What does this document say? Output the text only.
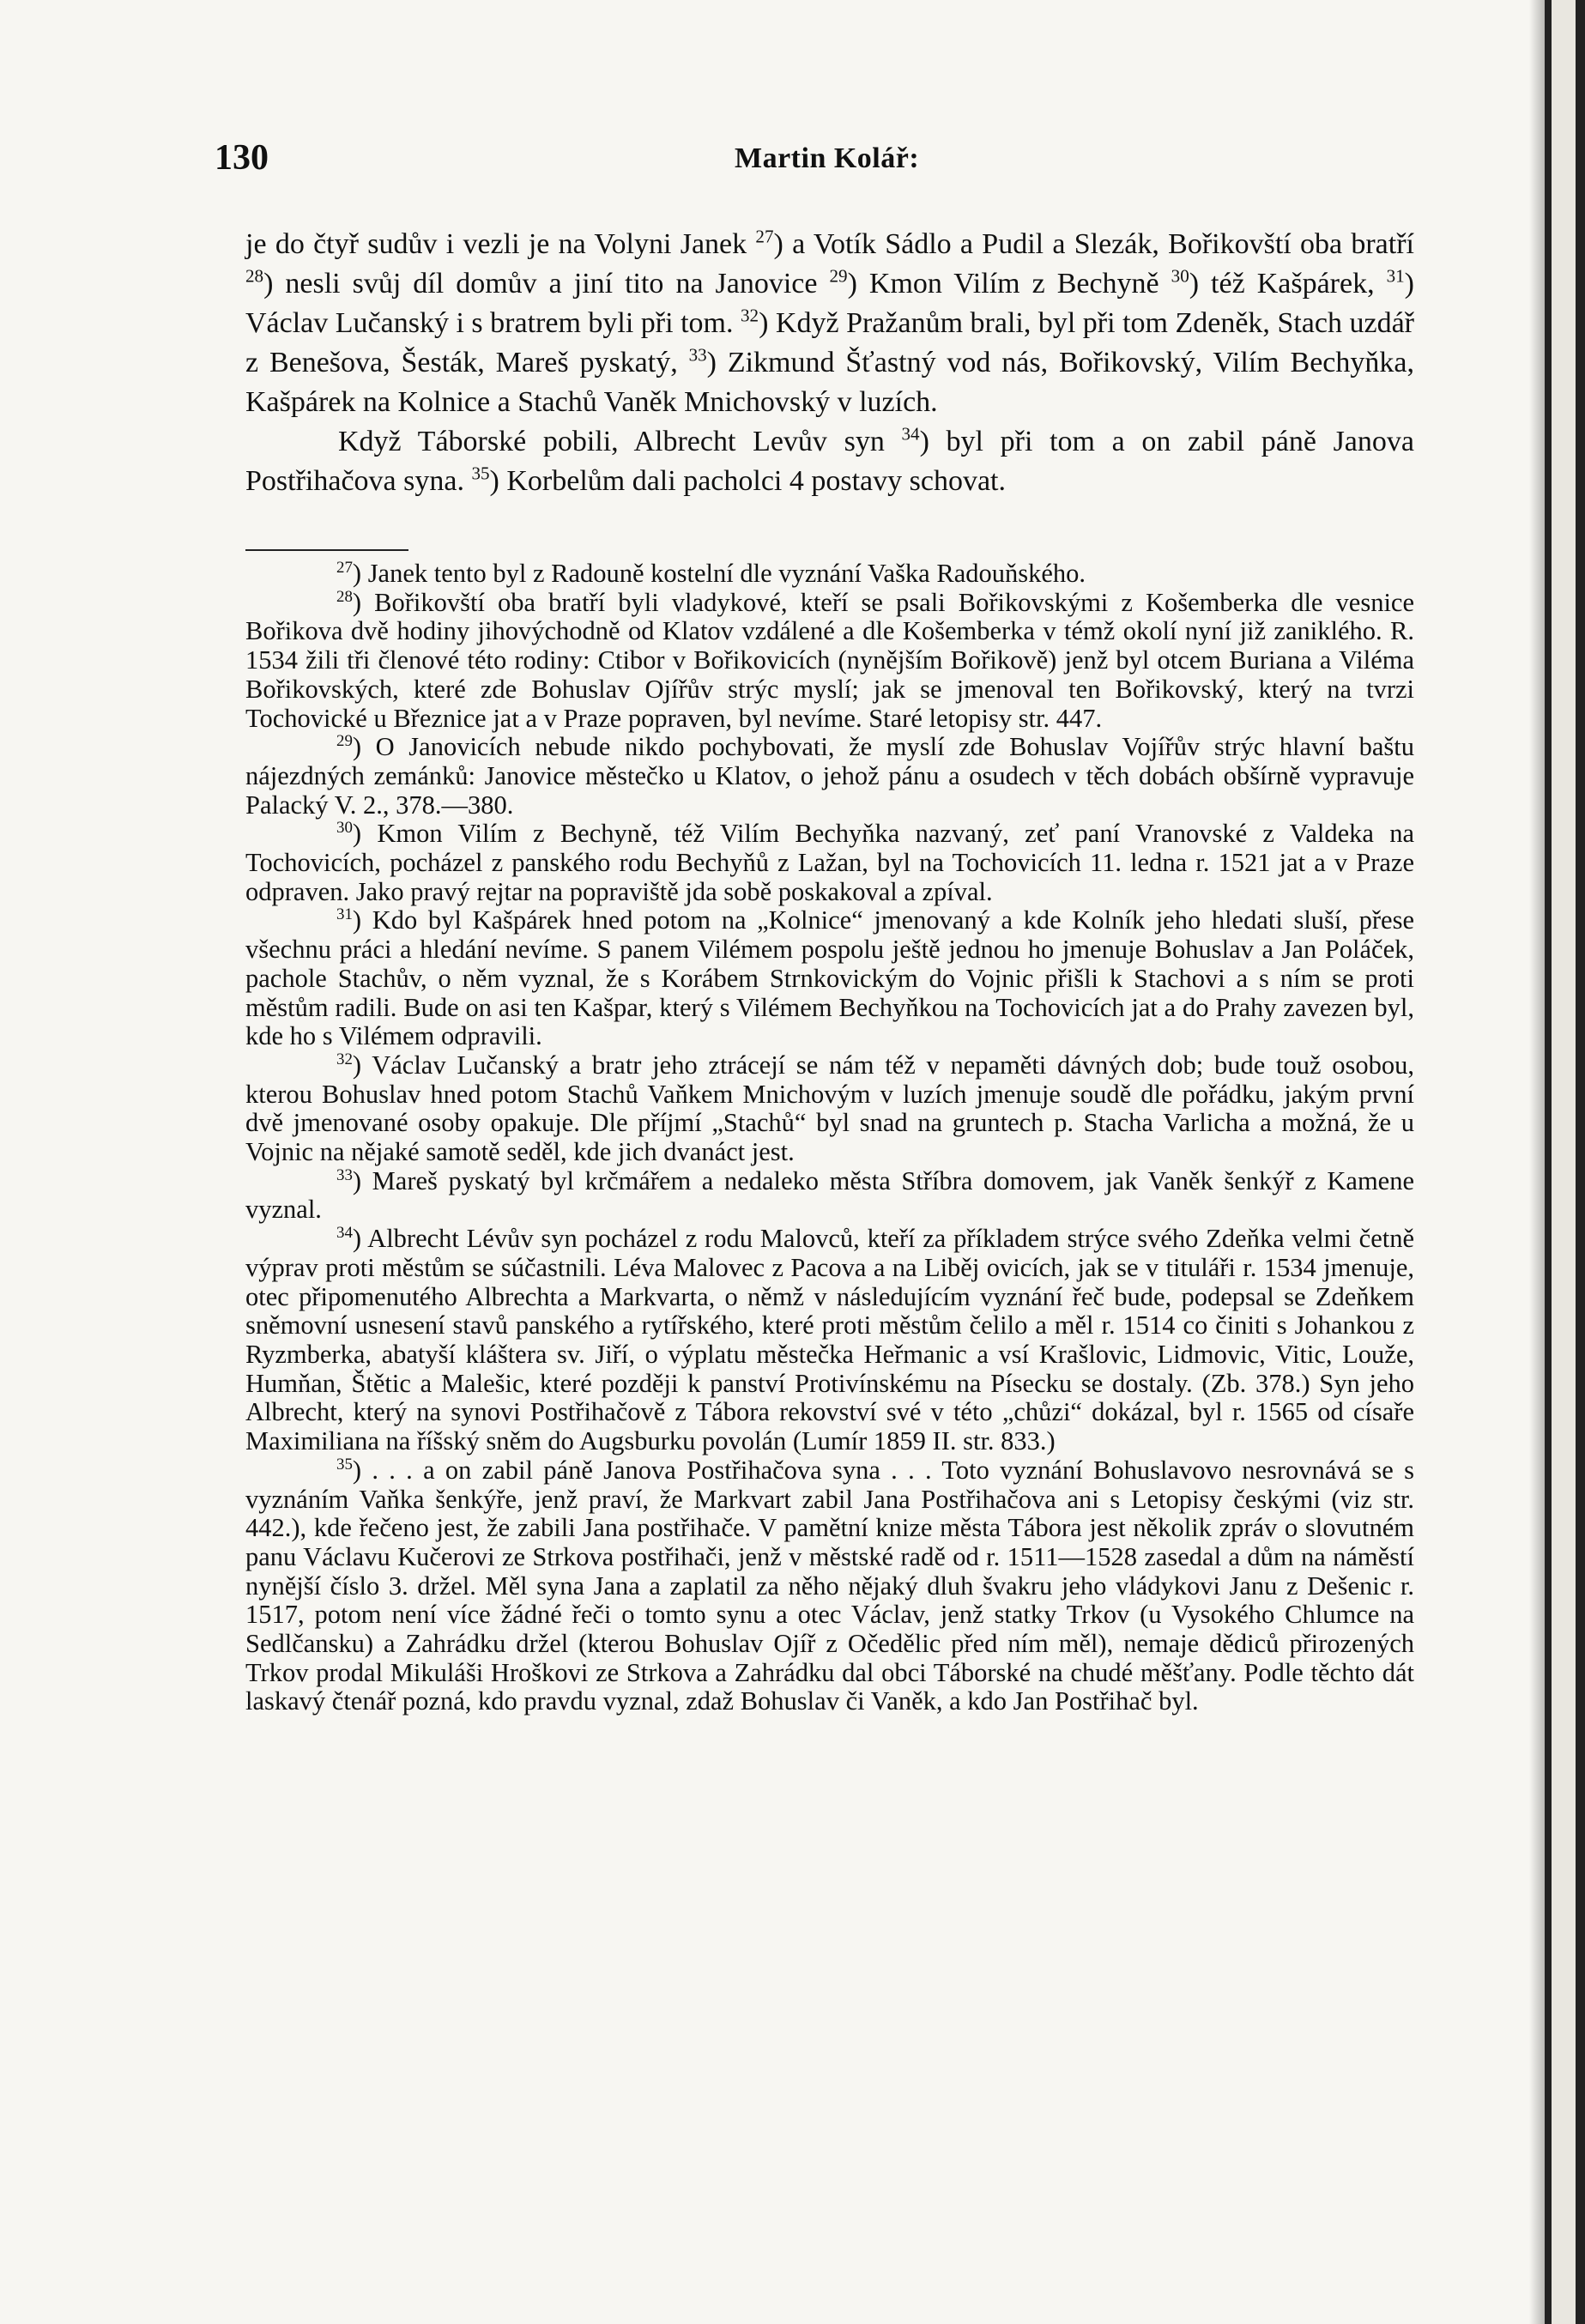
130	Martin Kolář:

je do čtyř sudův i vezli je na Volyni Janek $^{27}$) a Votík Sádlo a Pudil a Slezák, Bořikovští oba bratří $^{28}$) nesli svůj díl domův a jiní tito na Janovice $^{29}$) Kmon Vilím z Bechyně $^{30}$) též Kašpárek, $^{31}$) Václav Lučanský i s bratrem byli při tom. $^{32}$) Když Pražanům brali, byl při tom Zdeněk, Stach uzdář z Benešova, Šesták, Mareš pyskatý, $^{33}$) Zikmund Šťastný vod nás, Bořikovský, Vilím Bechyňka, Kašpárek na Kolnice a Stachů Vaněk Mnichovský v luzích.

Když Táborské pobili, Albrecht Levův syn $^{34}$) byl při tom a on zabil páně Janova Postřihačova syna. $^{35}$) Korbelům dali pacholci 4 postavy schovat.

$^{27}$) Janek tento byl z Radouně kostelní dle vyznání Vaška Radouňského.

$^{28}$) Bořikovští oba bratří byli vladykové, kteří se psali Bořikovskými z Košemberka dle vesnice Bořikova dvě hodiny jihovýchodně od Klatov vzdálené a dle Košemberka v témž okolí nyní již zaniklého. R. 1534 žili tři členové této rodiny: Ctibor v Bořikovicích (nynějším Bořikově) jenž byl otcem Buriana a Viléma Bořikovských, které zde Bohuslav Ojířův strýc myslí; jak se jmenoval ten Bořikovský, který na tvrzi Tochovické u Březnice jat a v Praze popraven, byl nevíme. Staré letopisy str. 447.

$^{29}$) O Janovicích nebude nikdo pochybovati, že myslí zde Bohuslav Vojířův strýc hlavní baštu nájezdných zemánků: Janovice městečko u Klatov, o jehož pánu a osudech v těch dobách obšírně vypravuje Palacký V. 2., 378.—380.

$^{30}$) Kmon Vilím z Bechyně, též Vilím Bechyňka nazvaný, zeť paní Vranovské z Valdeka na Tochovicích, pocházel z panského rodu Bechyňů z Lažan, byl na Tochovicích 11. ledna r. 1521 jat a v Praze odpraven. Jako pravý rejtar na popraviště jda sobě poskakoval a zpíval.

$^{31}$) Kdo byl Kašpárek hned potom na „Kolnice“ jmenovaný a kde Kolník jeho hledati sluší, přese všechnu práci a hledání nevíme. S panem Vilémem pospolu ještě jednou ho jmenuje Bohuslav a Jan Poláček, pachole Stachův, o něm vyznal, že s Korábem Strnkovickým do Vojnic přišli k Stachovi a s ním se proti městům radili. Bude on asi ten Kašpar, který s Vilémem Bechyňkou na Tochovicích jat a do Prahy zavezen byl, kde ho s Vilémem odpravili.

$^{32}$) Václav Lučanský a bratr jeho ztrácejí se nám též v nepaměti dávných dob; bude touž osobou, kterou Bohuslav hned potom Stachů Vaňkem Mnichovým v luzích jmenuje soudě dle pořádku, jakým první dvě jmenované osoby opakuje. Dle příjmí „Stachů“ byl snad na gruntech p. Stacha Varlicha a možná, že u Vojnic na nějaké samotě seděl, kde jich dvanáct jest.

$^{33}$) Mareš pyskatý byl krčmářem a nedaleko města Stříbra domovem, jak Vaněk šenkýř z Kamene vyznal.

$^{34}$) Albrecht Lévův syn pocházel z rodu Malovců, kteří za příkladem strýce svého Zdeňka velmi četně výprav proti městům se súčastnili. Léva Malovec z Pacova a na Liběj ovicích, jak se v tituláři r. 1534 jmenuje, otec připomenutého Albrechta a Markvarta, o němž v následujícím vyznání řeč bude, podepsal se Zdeňkem sněmovní usnesení stavů panského a rytířského, které proti městům čelilo a měl r. 1514 co činiti s Johankou z Ryzmberka, abatyší kláštera sv. Jiří, o výplatu městečka Heřmanic a vsí Krašlovic, Lidmovic, Vitic, Louže, Humňan, Štětic a Malešic, které později k panství Protivínskému na Písecku se dostaly. (Zb. 378.) Syn jeho Albrecht, který na synovi Postřihačově z Tábora rekovství své v této „chůzi“ dokázal, byl r. 1565 od císaře Maximiliana na říšský sněm do Augsburku povolán (Lumír 1859 II. str. 833.)

$^{35}$) . . . a on zabil páně Janova Postřihačova syna . . . Toto vyznání Bohuslavovo nesrovnává se s vyznáním Vaňka šenkýře, jenž praví, že Markvart zabil Jana Postřihačova ani s Letopisy českými (viz str. 442.), kde řečeno jest, že zabili Jana postřihače. V pamětní knize města Tábora jest několik zpráv o slovutném panu Václavu Kučerovi ze Strkova postřihači, jenž v městské radě od r. 1511—1528 zasedal a dům na náměstí nynější číslo 3. držel. Měl syna Jana a zaplatil za něho nějaký dluh švakru jeho vládykovi Janu z Dešenic r. 1517, potom není více žádné řeči o tomto synu a otec Václav, jenž statky Trkov (u Vysokého Chlumce na Sedlčansku) a Zahrádku držel (kterou Bohuslav Ojíř z Očedělic před ním měl), nemaje dědiců přirozených Trkov prodal Mikuláši Hroškovi ze Strkova a Zahrádku dal obci Táborské na chudé měšťany. Podle těchto dát laskavý čtenář pozná, kdo pravdu vyznal, zdaž Bohuslav či Vaněk, a kdo Jan Postřihač byl.
